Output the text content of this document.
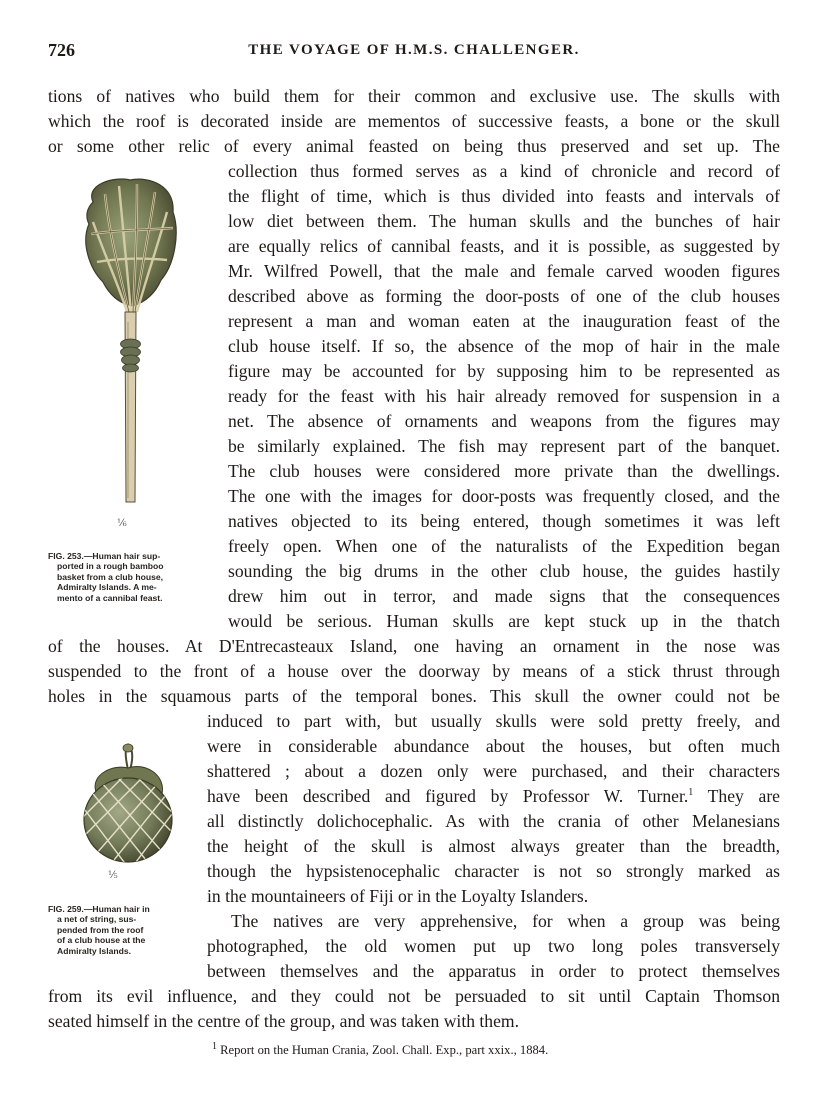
726	THE VOYAGE OF H.M.S. CHALLENGER.
tions of natives who build them for their common and exclusive use. The skulls with
which the roof is decorated inside are mementos of successive feasts, a bone or the skull
or some other relic of every animal feasted on being thus preserved and set up. The
collection thus formed serves as a kind of chronicle and record of
the flight of time, which is thus divided into feasts and intervals of
low diet between them. The human skulls and the bunches of hair
are equally relics of cannibal feasts, and it is possible, as suggested by
Mr. Wilfred Powell, that the male and female carved wooden figures
described above as forming the door-posts of one of the club houses
represent a man and woman eaten at the inauguration feast of the
club house itself. If so, the absence of the mop of hair in the male
figure may be accounted for by supposing him to be represented as
ready for the feast with his hair already removed for suspension in a
net. The absence of ornaments and weapons from the figures may
be similarly explained. The fish may represent part of the banquet.
The club houses were considered more private than the dwellings.
The one with the images for door-posts was frequently closed, and the
natives objected to its being entered, though sometimes it was left
freely open. When one of the naturalists of the Expedition began
sounding the big drums in the other club house, the guides hastily
drew him out in terror, and made signs that the consequences
would be serious. Human skulls are kept stuck up in the thatch
of the houses. At D'Entrecasteaux Island, one having an ornament in the nose was
suspended to the front of a house over the doorway by means of a stick thrust through
holes in the squamous parts of the temporal bones. This skull the owner could not be
induced to part with, but usually skulls were sold pretty freely, and
were in considerable abundance about the houses, but often much
shattered ; about a dozen only were purchased, and their characters
have been described and figured by Professor W. Turner.$^1$ They are
all distinctly dolichocephalic. As with the crania of other Melanesians
the height of the skull is almost always greater than the breadth,
though the hypsistenocephalic character is not so strongly marked as
in the mountaineers of Fiji or in the Loyalty Islanders.
The natives are very apprehensive, for when a group was being
photographed, the old women put up two long poles transversely
between themselves and the apparatus in order to protect themselves
from its evil influence, and they could not be persuaded to sit until Captain Thomson
seated himself in the centre of the group, and was taken with them.
⅙
FIG. 253.—Human hair sup-

ported in a rough bamboo
basket from a club house,
Admiralty Islands. A me-
mento of a cannibal feast.
⅕
FIG. 259.—Human hair in

a net of string, sus-
pended from the roof
of a club house at the
Admiralty Islands.
$^1$ Report on the Human Crania, Zool. Chall. Exp., part xxix., 1884.
